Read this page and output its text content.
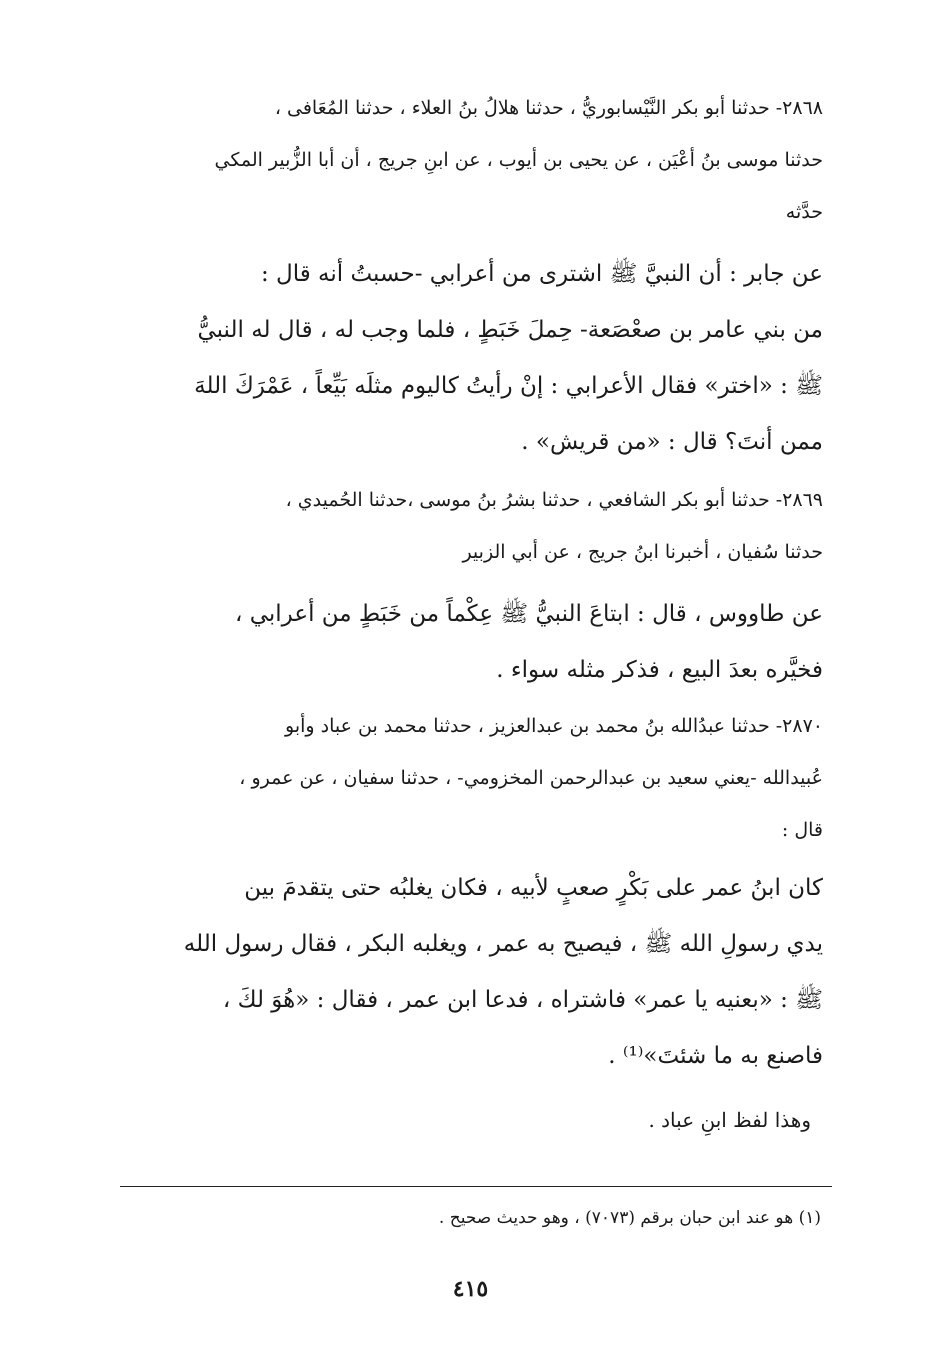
٢٨٦٨- حدثنا أبو بكر النَّيْسابوريُّ ، حدثنا هلالُ بنُ العلاء ، حدثنا المُعَافى ،
حدثنا موسى بنُ أعْيَن ، عن يحيى بن أيوب ، عن ابنِ جريج ، أن أبا الزُّبير المكي
حدَّثه
عن جابر : أن النبيَّ ﷺ اشترى من أعرابي -حسبتُ أنه قال :
من بني عامر بن صعْصَعة- حِملَ خَبَطٍ ، فلما وجب له ، قال له النبيُّ
ﷺ : «اختر» فقال الأعرابي : إنْ رأيتُ كاليوم مثلَه بَيِّعاً ، عَمْرَكَ اللهَ
ممن أنتَ؟ قال : «من قريش» .
٢٨٦٩- حدثنا أبو بكر الشافعي ، حدثنا بشرُ بنُ موسى ،حدثنا الحُميدي ،
حدثنا سُفيان ، أخبرنا ابنُ جريج ، عن أبي الزبير
عن طاووس ، قال : ابتاعَ النبيُّ ﷺ عِكْماً من خَبَطٍ من أعرابي ،
فخيَّره بعدَ البيع ، فذكر مثله سواء .
٢٨٧٠- حدثنا عبدُالله بنُ محمد بن عبدالعزيز ، حدثنا محمد بن عباد وأبو
عُبيدالله -يعني سعيد بن عبدالرحمن المخزومي- ، حدثنا سفيان ، عن عمرو ،
قال :
كان ابنُ عمر على بَكْرٍ صعبٍ لأبيه ، فكان يغلبُه حتى يتقدمَ بين
يدي رسولِ الله ﷺ ، فيصيح به عمر ، ويغلبه البكر ، فقال رسول الله
ﷺ : «بعنيه يا عمر» فاشتراه ، فدعا ابن عمر ، فقال : «هُوَ لكَ ،
فاصنع به ما شئتَ»⁽¹⁾ .
وهذا لفظ ابنِ عباد .
(١) هو عند ابن حبان برقم (٧٠٧٣) ، وهو حديث صحيح .
٤١٥
